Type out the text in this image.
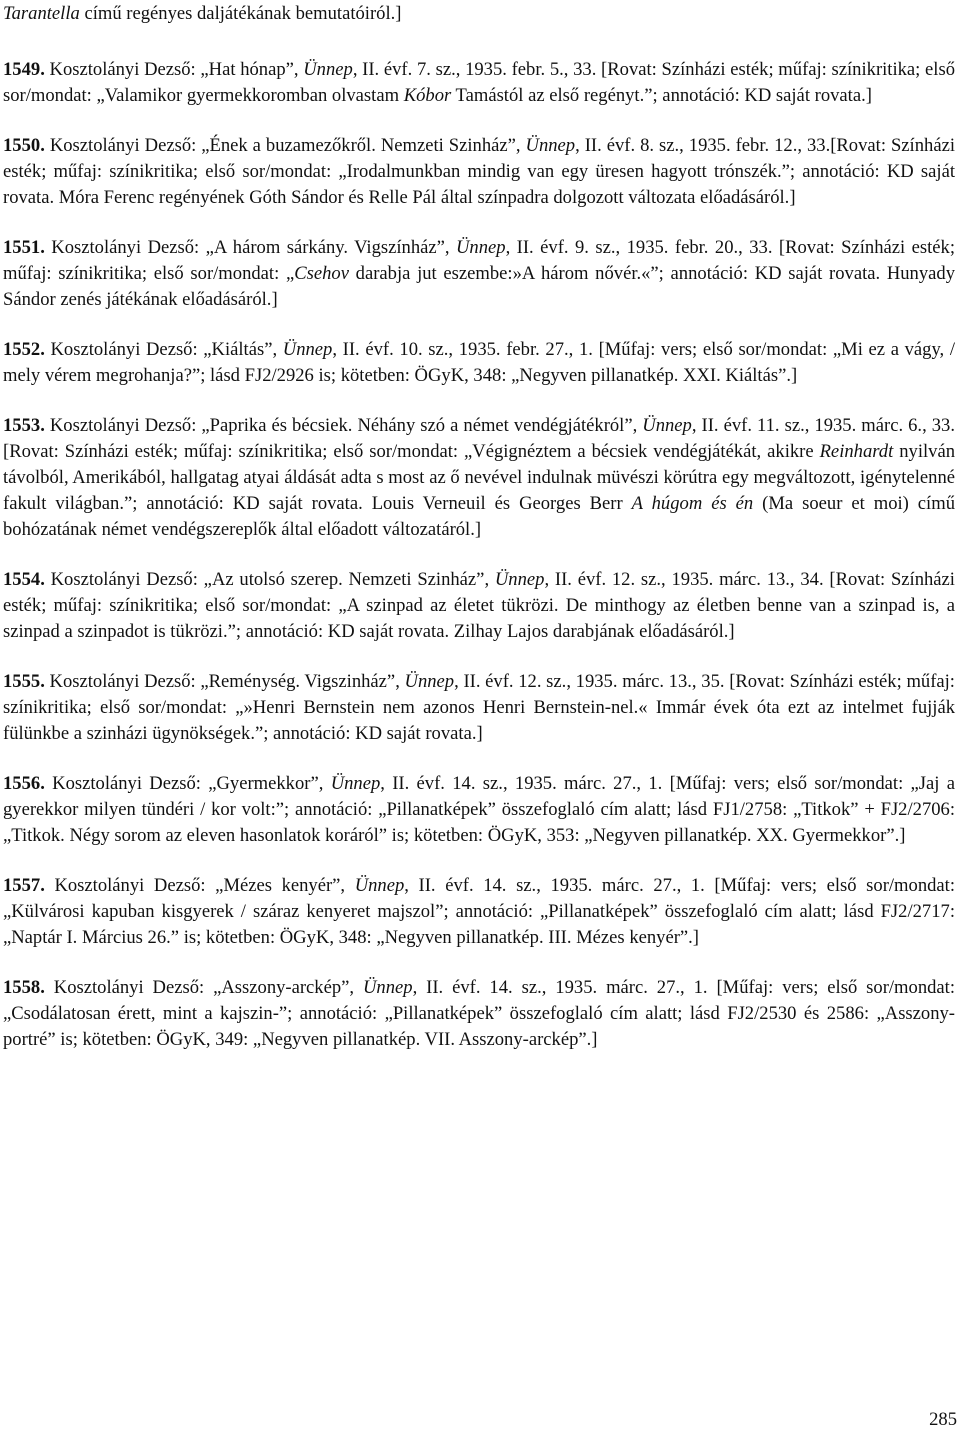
Tarantella című regényes daljátékának bemutatóiról.]

1549. Kosztolányi Dezső: „Hat hónap”, Ünnep, II. évf. 7. sz., 1935. febr. 5., 33. [Rovat: Színházi esték; műfaj: színikritika; első sor/mondat: „Valamikor gyermekkoromban olvastam Kóbor Tamástól az első regényt.”; annotáció: KD saját rovata.]

1550. Kosztolányi Dezső: „Ének a buzamezőkről. Nemzeti Szinház”, Ünnep, II. évf. 8. sz., 1935. febr. 12., 33.[Rovat: Színházi esték; műfaj: színikritika; első sor/mondat: „Irodalmunkban mindig van egy üresen hagyott trónszék.”; annotáció: KD saját rovata. Móra Ferenc regényének Góth Sándor és Relle Pál által színpadra dolgozott változata előadásáról.]

1551. Kosztolányi Dezső: „A három sárkány. Vigszínház”, Ünnep, II. évf. 9. sz., 1935. febr. 20., 33. [Rovat: Színházi esték; műfaj: színikritika; első sor/mondat: „Csehov darabja jut eszembe:»A három nővér.«”; annotáció: KD saját rovata. Hunyady Sándor zenés játékának előadásáról.]

1552. Kosztolányi Dezső: „Kiáltás”, Ünnep, II. évf. 10. sz., 1935. febr. 27., 1. [Műfaj: vers; első sor/mondat: „Mi ez a vágy, / mely vérem megrohanja?”; lásd FJ2/2926 is; kötetben: ÖGyK, 348: „Negyven pillanatkép. XXI. Kiáltás”.]

1553. Kosztolányi Dezső: „Paprika és bécsiek. Néhány szó a német vendégjátékról”, Ünnep, II. évf. 11. sz., 1935. márc. 6., 33. [Rovat: Színházi esték; műfaj: színikritika; első sor/mondat: „Végignéztem a bécsiek vendégjátékát, akikre Reinhardt nyilván távolból, Amerikából, hallgatag atyai áldását adta s most az ő nevével indulnak müvészi körútra egy megváltozott, igénytelenné fakult világban.”; annotáció: KD saját rovata. Louis Verneuil és Georges Berr A húgom és én (Ma soeur et moi) című bohózatának német vendégszereplők által előadott változatáról.]

1554. Kosztolányi Dezső: „Az utolsó szerep. Nemzeti Szinház”, Ünnep, II. évf. 12. sz., 1935. márc. 13., 34. [Rovat: Színházi esték; műfaj: színikritika; első sor/mondat: „A szinpad az életet tükrözi. De minthogy az életben benne van a szinpad is, a szinpad a szinpadot is tükrözi.”; annotáció: KD saját rovata. Zilhay Lajos darabjának előadásáról.]

1555. Kosztolányi Dezső: „Reménység. Vigszinház”, Ünnep, II. évf. 12. sz., 1935. márc. 13., 35. [Rovat: Színházi esték; műfaj: színikritika; első sor/mondat: „»Henri Bernstein nem azonos Henri Bernstein-nel.« Immár évek óta ezt az intelmet fujják fülünkbe a szinházi ügynökségek.”; annotáció: KD saját rovata.]

1556. Kosztolányi Dezső: „Gyermekkor”, Ünnep, II. évf. 14. sz., 1935. márc. 27., 1. [Műfaj: vers; első sor/mondat: „Jaj a gyerekkor milyen tündéri / kor volt:”; annotáció: „Pillanatképek” összefoglaló cím alatt; lásd FJ1/2758: „Titkok” + FJ2/2706: „Titkok. Négy sorom az eleven hasonlatok koráról” is; kötetben: ÖGyK, 353: „Negyven pillanatkép. XX. Gyermekkor”.]

1557. Kosztolányi Dezső: „Mézes kenyér”, Ünnep, II. évf. 14. sz., 1935. márc. 27., 1. [Műfaj: vers; első sor/mondat: „Külvárosi kapuban kisgyerek / száraz kenyeret majszol”; annotáció: „Pillanatképek” összefoglaló cím alatt; lásd FJ2/2717: „Naptár I. Március 26.” is; kötetben: ÖGyK, 348: „Negyven pillanatkép. III. Mézes kenyér”.]

1558. Kosztolányi Dezső: „Asszony-arckép”, Ünnep, II. évf. 14. sz., 1935. márc. 27., 1. [Műfaj: vers; első sor/mondat: „Csodálatosan érett, mint a kajszin-”; annotáció: „Pillanatképek” összefoglaló cím alatt; lásd FJ2/2530 és 2586: „Asszony-portré” is; kötetben: ÖGyK, 349: „Negyven pillanatkép. VII. Asszony-arckép”.]

285
